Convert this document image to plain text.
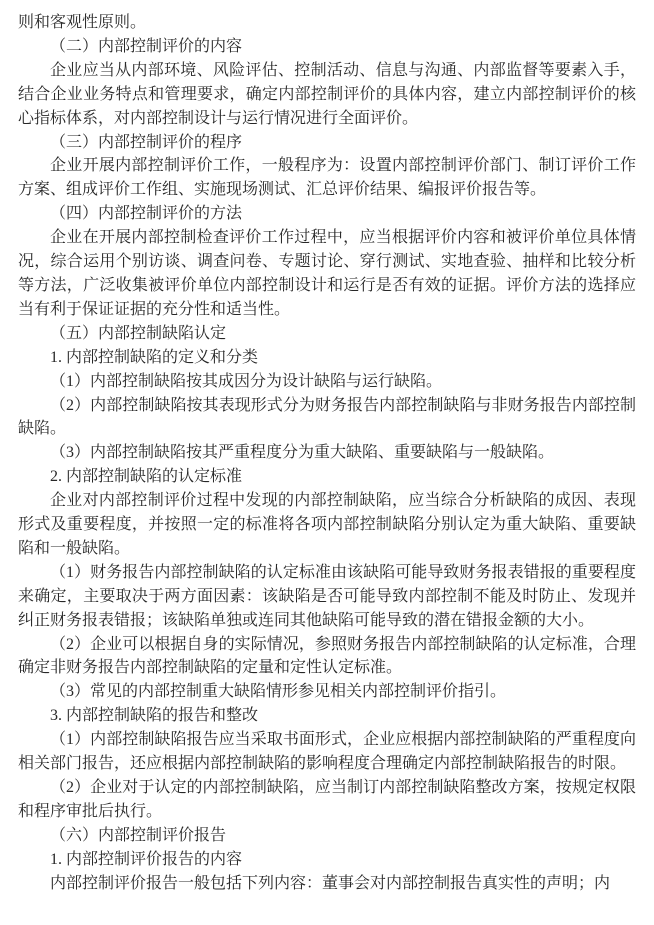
则和客观性原则。

（二）内部控制评价的内容

企业应当从内部环境、风险评估、控制活动、信息与沟通、内部监督等要素入手，结合企业业务特点和管理要求，确定内部控制评价的具体内容，建立内部控制评价的核心指标体系，对内部控制设计与运行情况进行全面评价。

（三）内部控制评价的程序

企业开展内部控制评价工作，一般程序为：设置内部控制评价部门、制订评价工作方案、组成评价工作组、实施现场测试、汇总评价结果、编报评价报告等。

（四）内部控制评价的方法

企业在开展内部控制检查评价工作过程中，应当根据评价内容和被评价单位具体情况，综合运用个别访谈、调查问卷、专题讨论、穿行测试、实地查验、抽样和比较分析等方法，广泛收集被评价单位内部控制设计和运行是否有效的证据。评价方法的选择应当有利于保证证据的充分性和适当性。

（五）内部控制缺陷认定

1. 内部控制缺陷的定义和分类

（1）内部控制缺陷按其成因分为设计缺陷与运行缺陷。

（2）内部控制缺陷按其表现形式分为财务报告内部控制缺陷与非财务报告内部控制缺陷。

（3）内部控制缺陷按其严重程度分为重大缺陷、重要缺陷与一般缺陷。

2. 内部控制缺陷的认定标准

企业对内部控制评价过程中发现的内部控制缺陷，应当综合分析缺陷的成因、表现形式及重要程度，并按照一定的标准将各项内部控制缺陷分别认定为重大缺陷、重要缺陷和一般缺陷。

（1）财务报告内部控制缺陷的认定标准由该缺陷可能导致财务报表错报的重要程度来确定，主要取决于两方面因素：该缺陷是否可能导致内部控制不能及时防止、发现并纠正财务报表错报；该缺陷单独或连同其他缺陷可能导致的潜在错报金额的大小。

（2）企业可以根据自身的实际情况，参照财务报告内部控制缺陷的认定标准，合理确定非财务报告内部控制缺陷的定量和定性认定标准。

（3）常见的内部控制重大缺陷情形参见相关内部控制评价指引。

3. 内部控制缺陷的报告和整改

（1）内部控制缺陷报告应当采取书面形式，企业应根据内部控制缺陷的严重程度向相关部门报告，还应根据内部控制缺陷的影响程度合理确定内部控制缺陷报告的时限。

（2）企业对于认定的内部控制缺陷，应当制订内部控制缺陷整改方案，按规定权限和程序审批后执行。

（六）内部控制评价报告

1. 内部控制评价报告的内容

内部控制评价报告一般包括下列内容：董事会对内部控制报告真实性的声明；内
